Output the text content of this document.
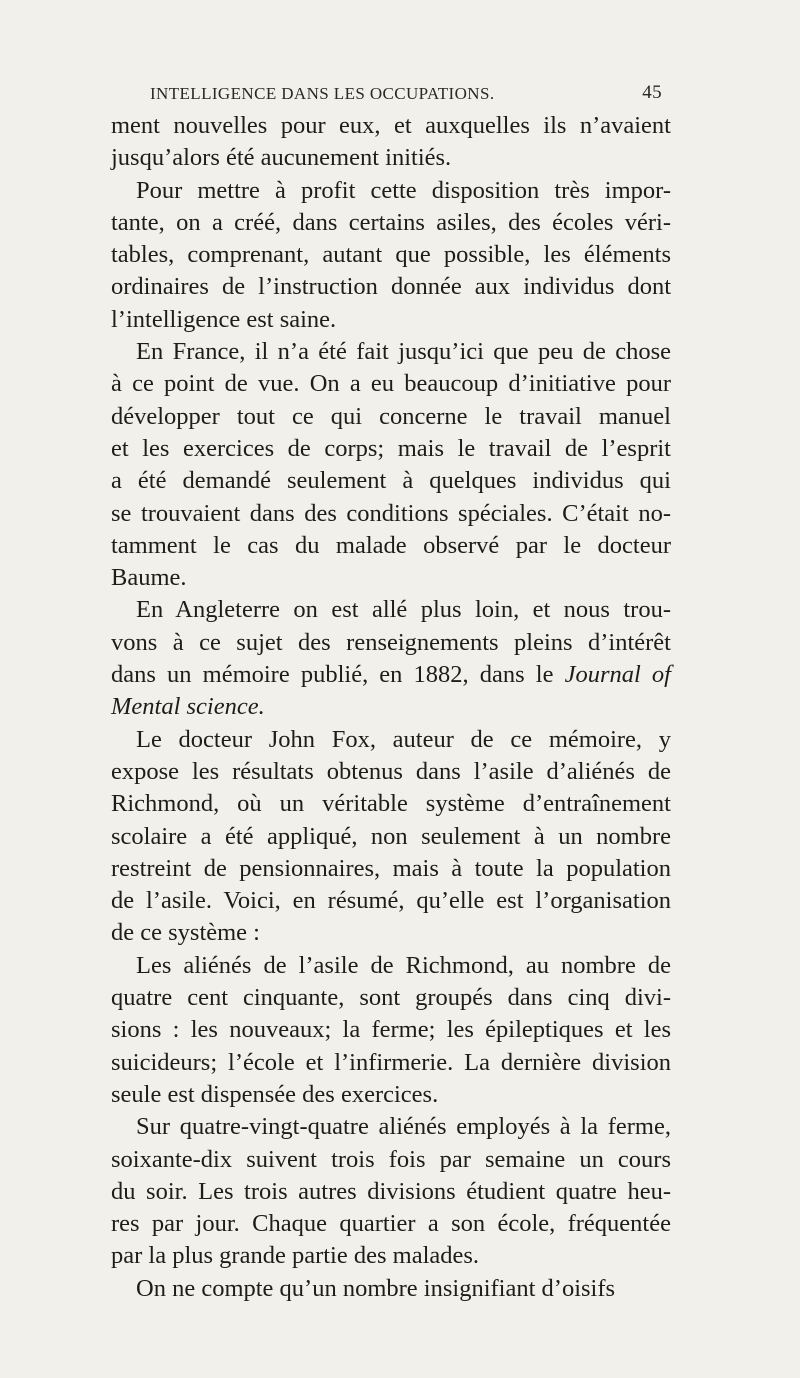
INTELLIGENCE DANS LES OCCUPATIONS.	45
ment nouvelles pour eux, et auxquelles ils n’avaient
jusqu’alors été aucunement initiés.
Pour mettre à profit cette disposition très impor-
tante, on a créé, dans certains asiles, des écoles véri-
tables, comprenant, autant que possible, les éléments
ordinaires de l’instruction donnée aux individus dont
l’intelligence est saine.
En France, il n’a été fait jusqu’ici que peu de chose
à ce point de vue. On a eu beaucoup d’initiative pour
développer tout ce qui concerne le travail manuel
et les exercices de corps; mais le travail de l’esprit
a été demandé seulement à quelques individus qui
se trouvaient dans des conditions spéciales. C’était no-
tamment le cas du malade observé par le docteur
Baume.
En Angleterre on est allé plus loin, et nous trou-
vons à ce sujet des renseignements pleins d’intérêt
dans un mémoire publié, en 1882, dans le Journal of
Mental science.
Le docteur John Fox, auteur de ce mémoire, y
expose les résultats obtenus dans l’asile d’aliénés de
Richmond, où un véritable système d’entraînement
scolaire a été appliqué, non seulement à un nombre
restreint de pensionnaires, mais à toute la population
de l’asile. Voici, en résumé, qu’elle est l’organisation
de ce système :
Les aliénés de l’asile de Richmond, au nombre de
quatre cent cinquante, sont groupés dans cinq divi-
sions : les nouveaux; la ferme; les épileptiques et les
suicideurs; l’école et l’infirmerie. La dernière division
seule est dispensée des exercices.
Sur quatre-vingt-quatre aliénés employés à la ferme,
soixante-dix suivent trois fois par semaine un cours
du soir. Les trois autres divisions étudient quatre heu-
res par jour. Chaque quartier a son école, fréquentée
par la plus grande partie des malades.
On ne compte qu’un nombre insignifiant d’oisifs
